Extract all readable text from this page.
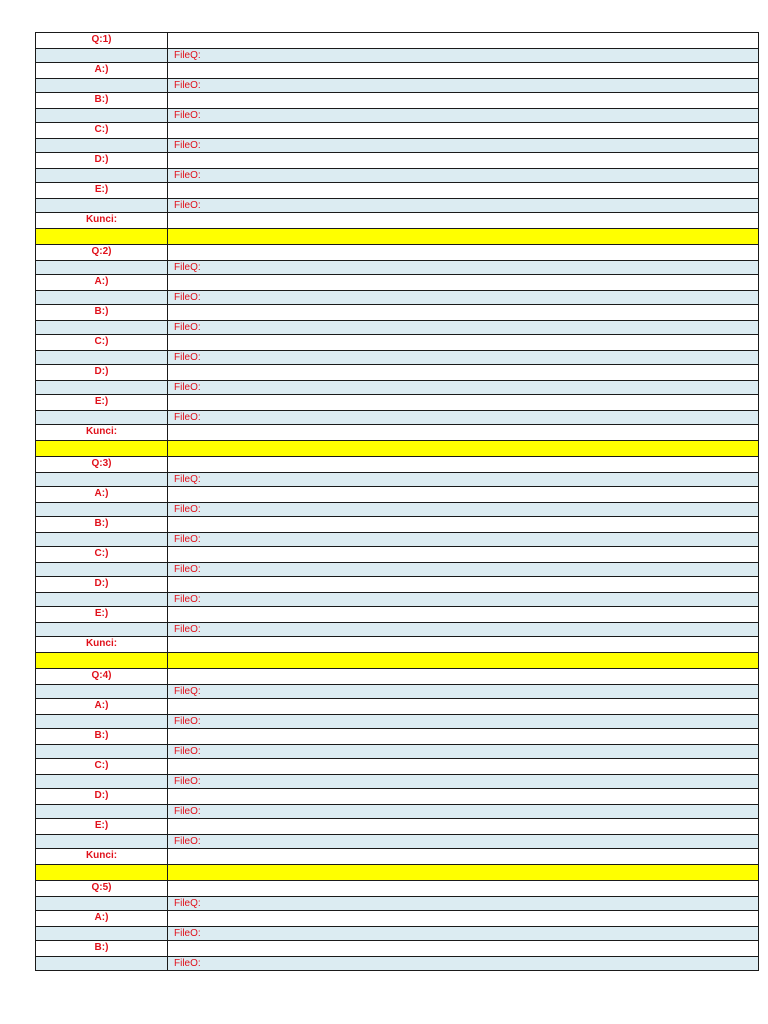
Q:1)	
	FileQ:
A:)	
	FileO:
B:)	
	FileO:
C:)	
	FileO:
D:)	
	FileO:
E:)	
	FileO:
Kunci:	

Q:2)	
	FileQ:
A:)	
	FileO:
B:)	
	FileO:
C:)	
	FileO:
D:)	
	FileO:
E:)	
	FileO:
Kunci:	

Q:3)	
	FileQ:
A:)	
	FileO:
B:)	
	FileO:
C:)	
	FileO:
D:)	
	FileO:
E:)	
	FileO:
Kunci:	

Q:4)	
	FileQ:
A:)	
	FileO:
B:)	
	FileO:
C:)	
	FileO:
D:)	
	FileO:
E:)	
	FileO:
Kunci:	

Q:5)	
	FileQ:
A:)	
	FileO:
B:)	
	FileO:
